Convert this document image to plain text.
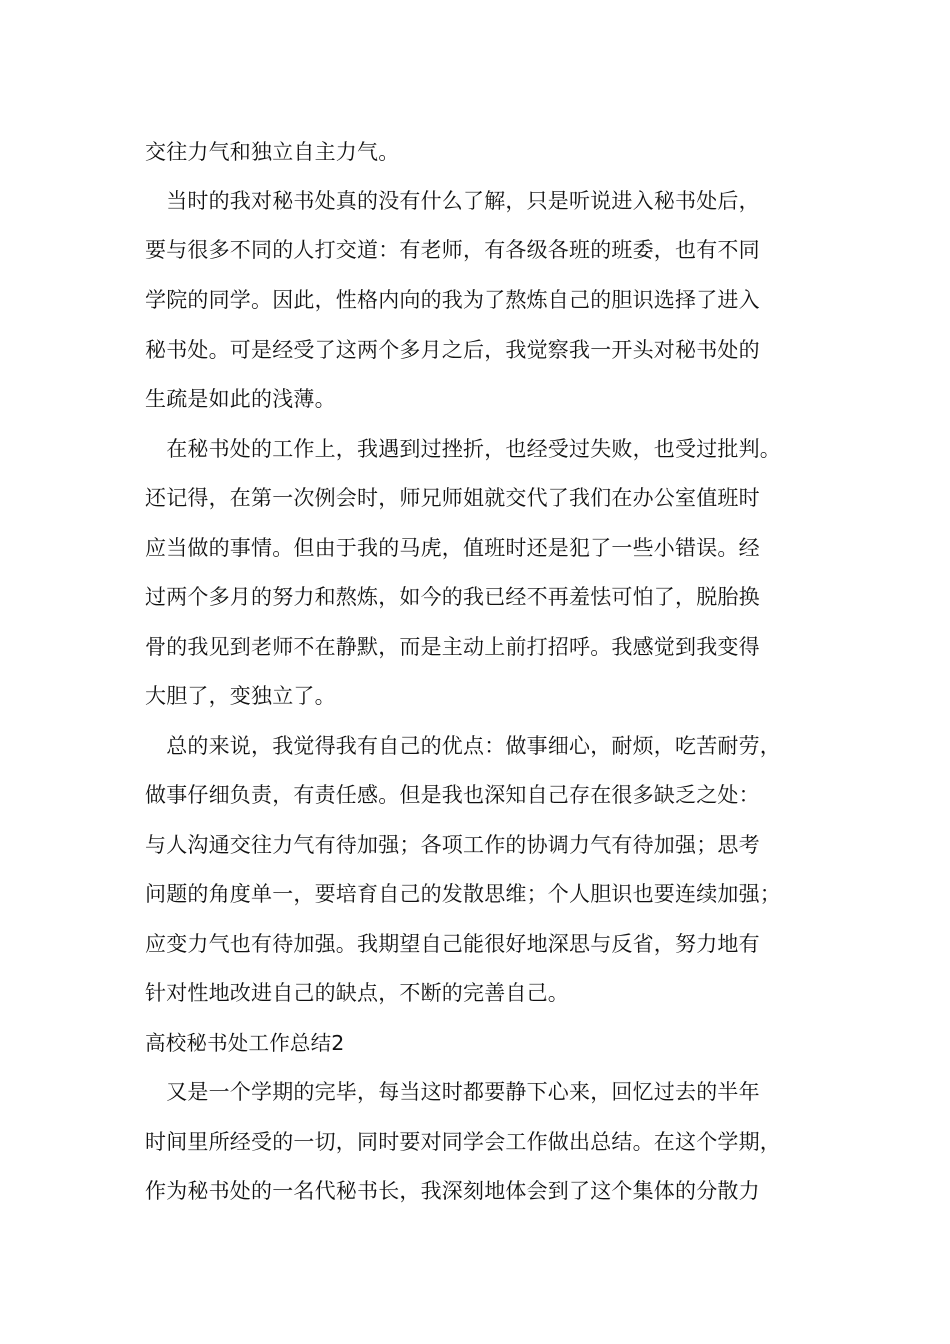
交往力气和独立自主力气。
　当时的我对秘书处真的没有什么了解，只是听说进入秘书处后，
要与很多不同的人打交道：有老师，有各级各班的班委，也有不同
学院的同学。因此，性格内向的我为了熬炼自己的胆识选择了进入
秘书处。可是经受了这两个多月之后，我觉察我一开头对秘书处的
生疏是如此的浅薄。
　在秘书处的工作上，我遇到过挫折，也经受过失败，也受过批判。
还记得，在第一次例会时，师兄师姐就交代了我们在办公室值班时
应当做的事情。但由于我的马虎，值班时还是犯了一些小错误。经
过两个多月的努力和熬炼，如今的我已经不再羞怯可怕了，脱胎换
骨的我见到老师不在静默，而是主动上前打招呼。我感觉到我变得
大胆了，变独立了。
　总的来说，我觉得我有自己的优点：做事细心，耐烦，吃苦耐劳，
做事仔细负责，有责任感。但是我也深知自己存在很多缺乏之处：
与人沟通交往力气有待加强；各项工作的协调力气有待加强；思考
问题的角度单一，要培育自己的发散思维；个人胆识也要连续加强；
应变力气也有待加强。我期望自己能很好地深思与反省，努力地有
针对性地改进自己的缺点，不断的完善自己。
高校秘书处工作总结2
　又是一个学期的完毕，每当这时都要静下心来，回忆过去的半年
时间里所经受的一切，同时要对同学会工作做出总结。在这个学期，
作为秘书处的一名代秘书长，我深刻地体会到了这个集体的分散力
